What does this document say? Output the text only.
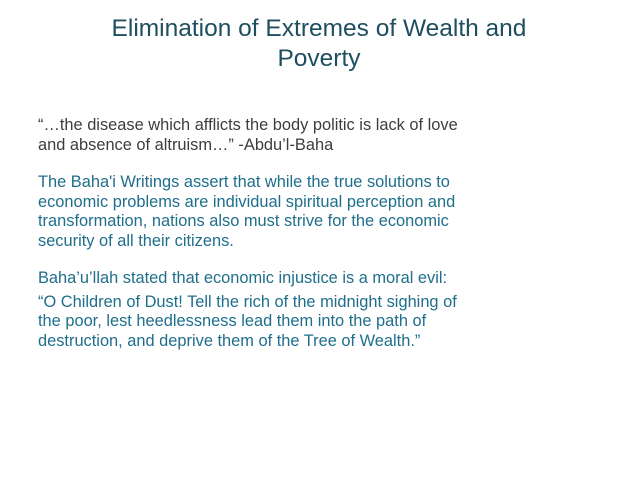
Elimination of Extremes of Wealth and
Poverty
“…the disease which afflicts the body politic is lack of love
and absence of altruism…” -Abdu’l-Baha
The Baha'i Writings assert that while the true solutions to
economic problems are individual spiritual perception and
transformation, nations also must strive for the economic
security of all their citizens.
Baha’u’llah stated that economic injustice is a moral evil:
“O Children of Dust! Tell the rich of the midnight sighing of
the poor, lest heedlessness lead them into the path of
destruction, and deprive them of the Tree of Wealth.”
